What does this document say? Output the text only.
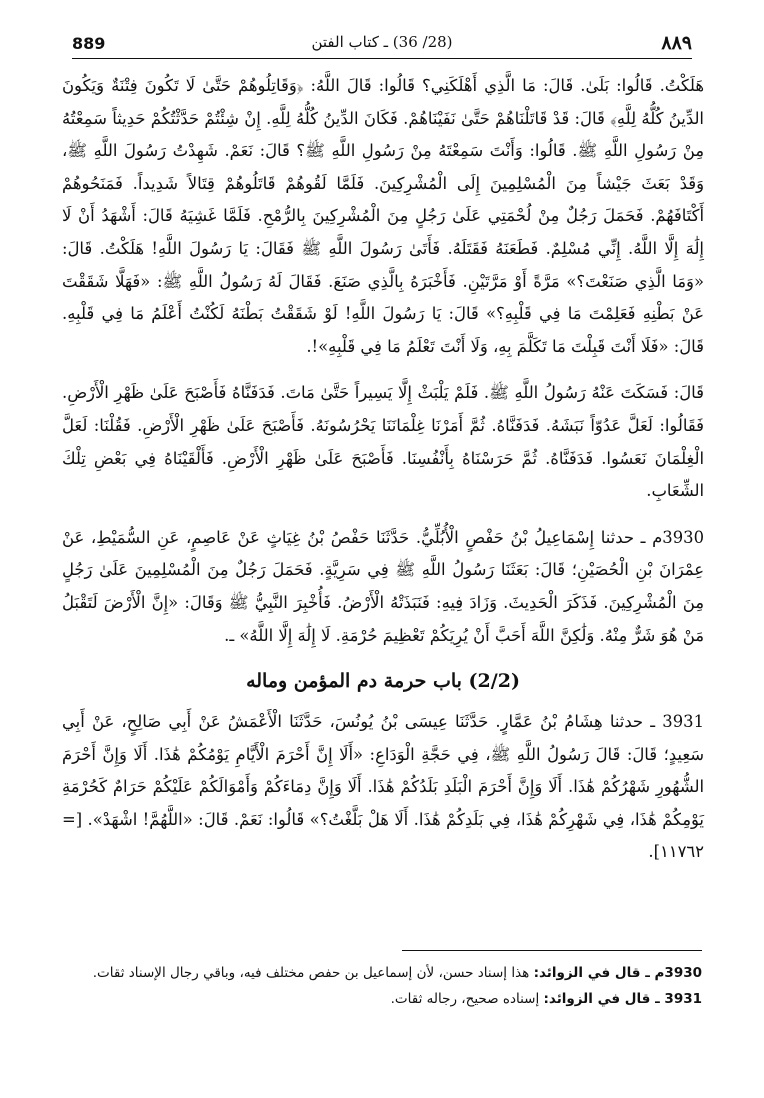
889	(28/ 36) ـ كتاب الفتن	٨٨٩

هَلَكْتُ. قَالُوا: بَلَىٰ. قَالَ: مَا الَّذِي أَهْلَكَنِي؟ قَالُوا: قَالَ اللَّهُ: ﴿وَقَاتِلُوهُمْ حَتَّىٰ لَا تَكُونَ فِتْنَةٌ وَيَكُونَ الدِّينُ كُلُّهُ لِلَّهِ﴾ قَالَ: قَدْ قَاتَلْنَاهُمْ حَتَّىٰ نَفَيْنَاهُمْ. فَكَانَ الدِّينُ كُلُّهُ لِلَّهِ. إِنْ شِئْتُمْ حَدَّثْتُكُمْ حَدِيثاً سَمِعْتُهُ مِنْ رَسُولِ اللَّهِ ﷺ. قَالُوا: وَأَنْتَ سَمِعْتَهُ مِنْ رَسُولِ اللَّهِ ﷺ؟ قَالَ: نَعَمْ. شَهِدْتُ رَسُولَ اللَّهِ ﷺ، وَقَدْ بَعَثَ جَيْشاً مِنَ الْمُسْلِمِينَ إِلَى الْمُشْرِكِينَ. فَلَمَّا لَقُوهُمْ قَاتَلُوهُمْ قِتَالاً شَدِيداً. فَمَنَحُوهُمْ أَكْتَافَهُمْ. فَحَمَلَ رَجُلٌ مِنْ لُحْمَتِي عَلَىٰ رَجُلٍ مِنَ الْمُشْرِكِينَ بِالرُّمْحِ. فَلَمَّا غَشِيَهُ قَالَ: أَشْهَدُ أَنْ لَا إِلَٰهَ إِلَّا اللَّهُ. إِنِّي مُسْلِمٌ. فَطَعَنَهُ فَقَتَلَهُ. فَأَتَىٰ رَسُولَ اللَّهِ ﷺ فَقَالَ: يَا رَسُولَ اللَّهِ! هَلَكْتُ. قَالَ: «وَمَا الَّذِي صَنَعْتَ؟» مَرَّةً أَوْ مَرَّتَيْنِ. فَأَخْبَرَهُ بِالَّذِي صَنَعَ. فَقَالَ لَهُ رَسُولُ اللَّهِ ﷺ: «فَهَلَّا شَقَقْتَ عَنْ بَطْنِهِ فَعَلِمْتَ مَا فِي قَلْبِهِ؟» قَالَ: يَا رَسُولَ اللَّهِ! لَوْ شَقَقْتُ بَطْنَهُ لَكُنْتُ أَعْلَمُ مَا فِي قَلْبِهِ. قَالَ: «فَلَا أَنْتَ قَبِلْتَ مَا تَكَلَّمَ بِهِ، وَلَا أَنْتَ تَعْلَمُ مَا فِي قَلْبِهِ»!.

قَالَ: فَسَكَتَ عَنْهُ رَسُولُ اللَّهِ ﷺ. فَلَمْ يَلْبَثْ إِلَّا يَسِيراً حَتَّىٰ مَاتَ. فَدَفَنَّاهُ فَأَصْبَحَ عَلَىٰ ظَهْرِ الْأَرْضِ. فَقَالُوا: لَعَلَّ عَدُوّاً نَبَشَهُ. فَدَفَنَّاهُ. ثُمَّ أَمَرْنَا غِلْمَانَنَا يَحْرُسُونَهُ. فَأَصْبَحَ عَلَىٰ ظَهْرِ الْأَرْضِ. فَقُلْنَا: لَعَلَّ الْغِلْمَانَ نَعَسُوا. فَدَفَنَّاهُ. ثُمَّ حَرَسْنَاهُ بِأَنْفُسِنَا. فَأَصْبَحَ عَلَىٰ ظَهْرِ الْأَرْضِ. فَأَلْقَيْنَاهُ فِي بَعْضِ تِلْكَ الشِّعَابِ.

3930م ـ حدثنا إِسْمَاعِيلُ بْنُ حَفْصٍ الْأُبُلِّيُّ. حَدَّثَنَا حَفْصُ بْنُ غِيَاثٍ عَنْ عَاصِمٍ، عَنِ السُّمَيْطِ، عَنْ عِمْرَانَ بْنِ الْحُصَيْنِ؛ قَالَ: بَعَثَنَا رَسُولُ اللَّهِ ﷺ فِي سَرِيَّةٍ. فَحَمَلَ رَجُلٌ مِنَ الْمُسْلِمِينَ عَلَىٰ رَجُلٍ مِنَ الْمُشْرِكِينَ. فَذَكَرَ الْحَدِيثَ. وَزَادَ فِيهِ: فَنَبَذَتْهُ الْأَرْضُ. فَأُخْبِرَ النَّبِيُّ ﷺ وَقَالَ: «إِنَّ الْأَرْضَ لَتَقْبَلُ مَنْ هُوَ شَرٌّ مِنْهُ. وَلَٰكِنَّ اللَّهَ أَحَبَّ أَنْ يُرِيَكُمْ تَعْظِيمَ حُرْمَةِ. لَا إِلَٰهَ إِلَّا اللَّهُ» ـ.

(2/2) باب حرمة دم المؤمن وماله

3931 ـ حدثنا هِشَامُ بْنُ عَمَّارٍ. حَدَّثَنَا عِيسَى بْنُ يُونُسَ، حَدَّثَنَا الْأَعْمَشُ عَنْ أَبِي صَالِحٍ، عَنْ أَبِي سَعِيدٍ؛ قَالَ: قَالَ رَسُولُ اللَّهِ ﷺ، فِي حَجَّةِ الْوَدَاعِ: «أَلَا إِنَّ أَحْرَمَ الْأَيَّامِ يَوْمُكُمْ هَٰذَا. أَلَا وَإِنَّ أَحْرَمَ الشُّهُورِ شَهْرُكُمْ هَٰذَا. أَلَا وَإِنَّ أَحْرَمَ الْبَلَدِ بَلَدُكُمْ هَٰذَا. أَلَا وَإِنَّ دِمَاءَكُمْ وَأَمْوَالَكُمْ عَلَيْكُمْ حَرَامٌ كَحُرْمَةِ يَوْمِكُمْ هَٰذَا، فِي شَهْرِكُمْ هَٰذَا، فِي بَلَدِكُمْ هَٰذَا. أَلَا هَلْ بَلَّغْتُ؟» قَالُوا: نَعَمْ. قَالَ: «اللَّهُمَّ! اشْهَدْ». [= ١١٧٦٢].

3930م ـ قال في الزوائد: هذا إسناد حسن، لأن إسماعيل بن حفص مختلف فيه، وباقي رجال الإسناد ثقات.

3931 ـ قال في الزوائد: إسناده صحيح، رجاله ثقات.
